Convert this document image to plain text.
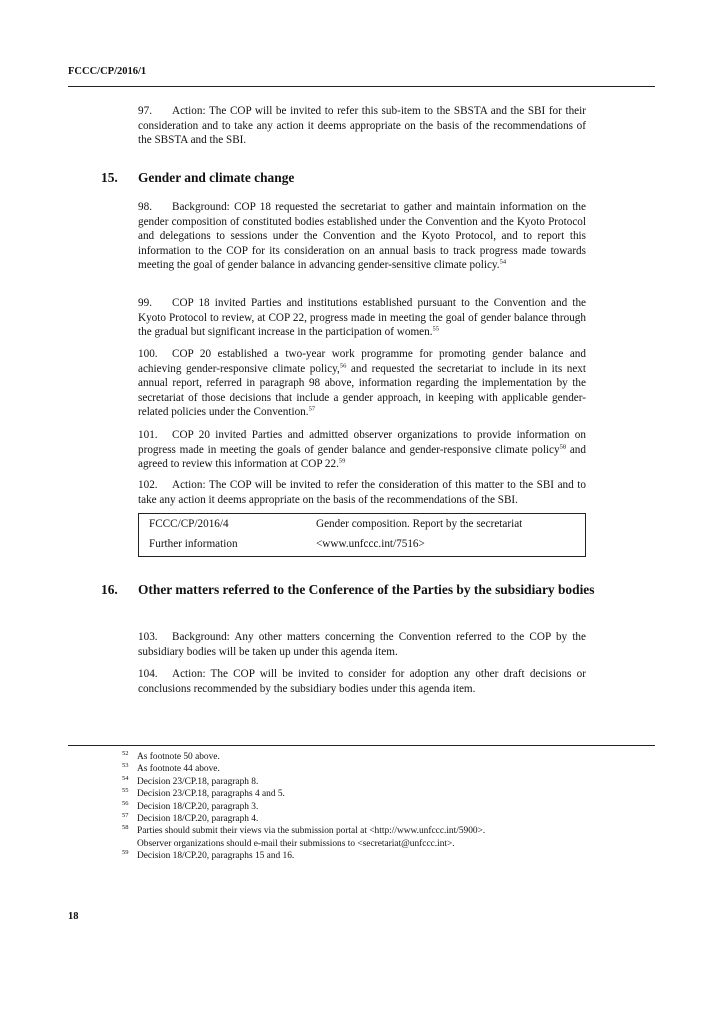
FCCC/CP/2016/1

97. Action: The COP will be invited to refer this sub-item to the SBSTA and the SBI for their consideration and to take any action it deems appropriate on the basis of the recommendations of the SBSTA and the SBI.

15. Gender and climate change

98. Background: COP 18 requested the secretariat to gather and maintain information on the gender composition of constituted bodies established under the Convention and the Kyoto Protocol and delegations to sessions under the Convention and the Kyoto Protocol, and to report this information to the COP for its consideration on an annual basis to track progress made towards meeting the goal of gender balance in advancing gender-sensitive climate policy.$^{54}$

99. COP 18 invited Parties and institutions established pursuant to the Convention and the Kyoto Protocol to review, at COP 22, progress made in meeting the goal of gender balance through the gradual but significant increase in the participation of women.$^{55}$

100. COP 20 established a two-year work programme for promoting gender balance and achieving gender-responsive climate policy,$^{56}$ and requested the secretariat to include in its next annual report, referred in paragraph 98 above, information regarding the implementation by the secretariat of those decisions that include a gender approach, in keeping with applicable gender-related policies under the Convention.$^{57}$

101. COP 20 invited Parties and admitted observer organizations to provide information on progress made in meeting the goals of gender balance and gender-responsive climate policy$^{58}$ and agreed to review this information at COP 22.59

102. Action: The COP will be invited to refer the consideration of this matter to the SBI and to take any action it deems appropriate on the basis of the recommendations of the SBI.

FCCC/CP/2016/4	Gender composition. Report by the secretariat
Further information	<www.unfccc.int/7516>
16. Other matters referred to the Conference of the Parties by the subsidiary bodies

103. Background: Any other matters concerning the Convention referred to the COP by the subsidiary bodies will be taken up under this agenda item.

104. Action: The COP will be invited to consider for adoption any other draft decisions or conclusions recommended by the subsidiary bodies under this agenda item.

52 As footnote 50 above.
53 As footnote 44 above.
54 Decision 23/CP.18, paragraph 8.
55 Decision 23/CP.18, paragraphs 4 and 5.
56 Decision 18/CP.20, paragraph 3.
57 Decision 18/CP.20, paragraph 4.
58 Parties should submit their views via the submission portal at <http://www.unfccc.int/5900>.
Observer organizations should e-mail their submissions to <secretariat@unfccc.int>.
59 Decision 18/CP.20, paragraphs 15 and 16.
18
